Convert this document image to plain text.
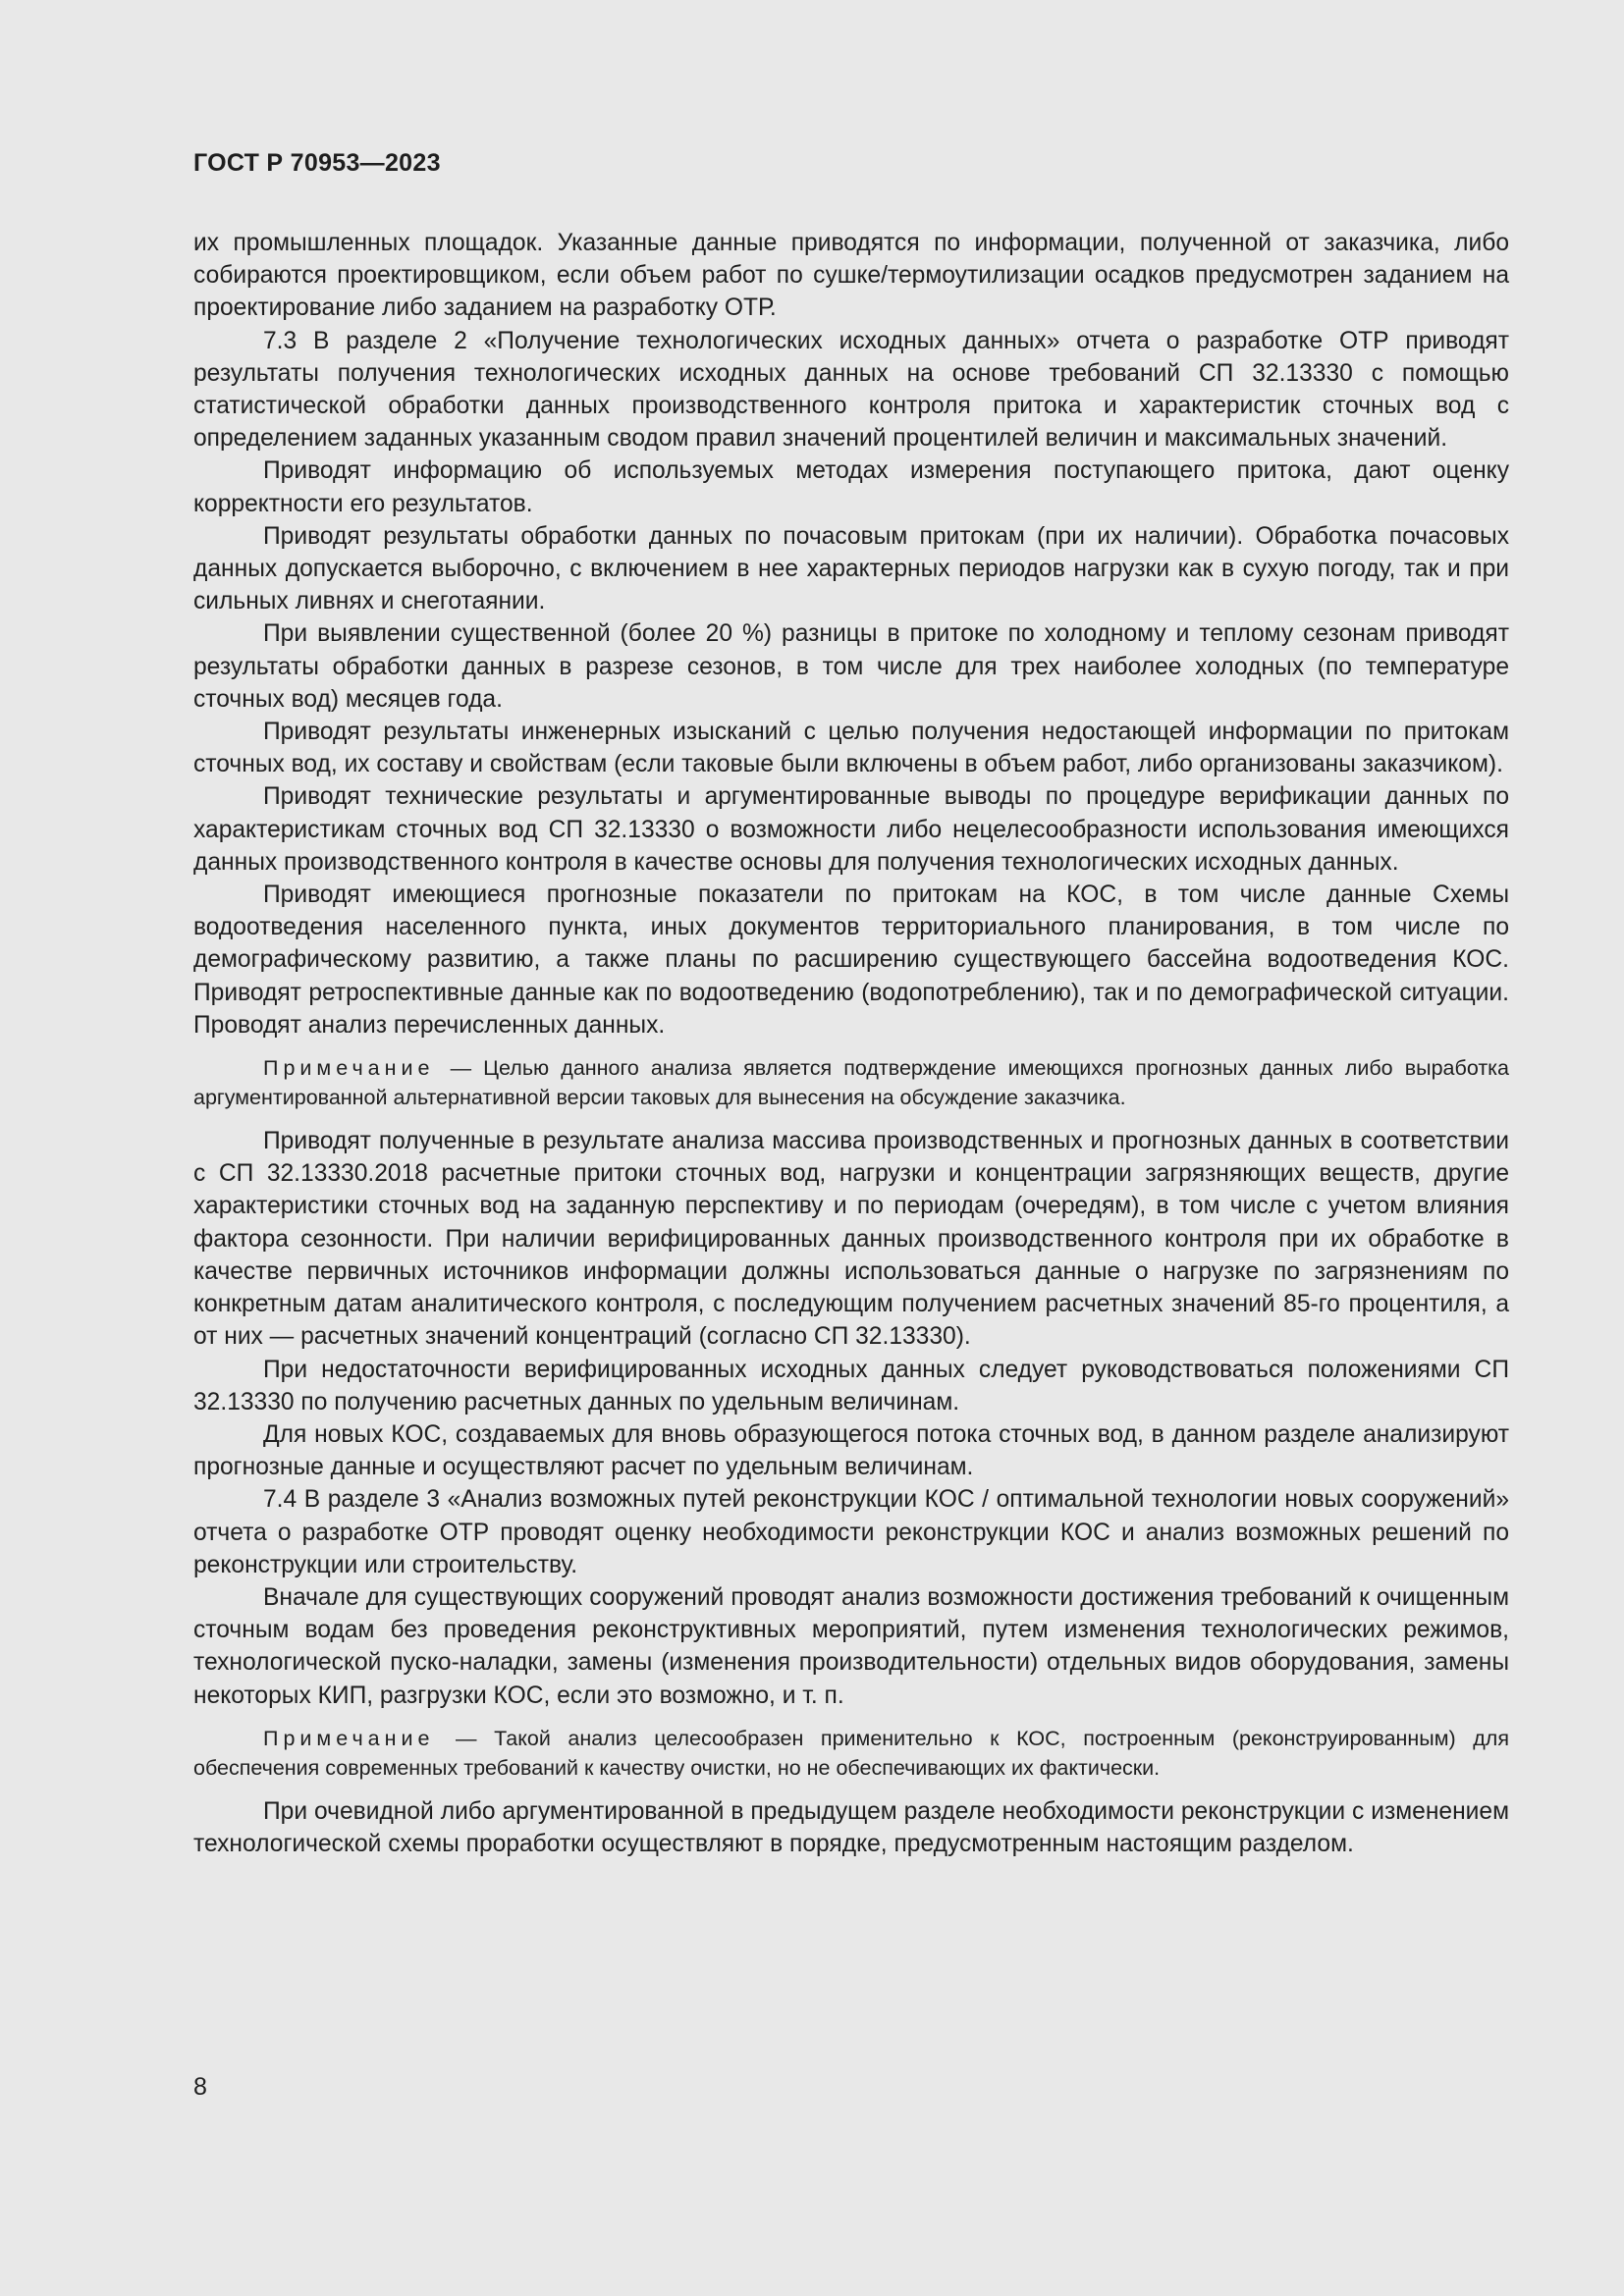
ГОСТ Р 70953—2023

их промышленных площадок. Указанные данные приводятся по информации, полученной от заказчика, либо собираются проектировщиком, если объем работ по сушке/термоутилизации осадков предусмотрен заданием на проектирование либо заданием на разработку ОТР.

7.3 В разделе 2 «Получение технологических исходных данных» отчета о разработке ОТР приводят результаты получения технологических исходных данных на основе требований СП 32.13330 с помощью статистической обработки данных производственного контроля притока и характеристик сточных вод с определением заданных указанным сводом правил значений процентилей величин и максимальных значений.

Приводят информацию об используемых методах измерения поступающего притока, дают оценку корректности его результатов.

Приводят результаты обработки данных по почасовым притокам (при их наличии). Обработка почасовых данных допускается выборочно, с включением в нее характерных периодов нагрузки как в сухую погоду, так и при сильных ливнях и снеготаянии.

При выявлении существенной (более 20 %) разницы в притоке по холодному и теплому сезонам приводят результаты обработки данных в разрезе сезонов, в том числе для трех наиболее холодных (по температуре сточных вод) месяцев года.

Приводят результаты инженерных изысканий с целью получения недостающей информации по притокам сточных вод, их составу и свойствам (если таковые были включены в объем работ, либо организованы заказчиком).

Приводят технические результаты и аргументированные выводы по процедуре верификации данных по характеристикам сточных вод СП 32.13330 о возможности либо нецелесообразности использования имеющихся данных производственного контроля в качестве основы для получения технологических исходных данных.

Приводят имеющиеся прогнозные показатели по притокам на КОС, в том числе данные Схемы водоотведения населенного пункта, иных документов территориального планирования, в том числе по демографическому развитию, а также планы по расширению существующего бассейна водоотведения КОС. Приводят ретроспективные данные как по водоотведению (водопотреблению), так и по демографической ситуации. Проводят анализ перечисленных данных.

Примечание — Целью данного анализа является подтверждение имеющихся прогнозных данных либо выработка аргументированной альтернативной версии таковых для вынесения на обсуждение заказчика.

Приводят полученные в результате анализа массива производственных и прогнозных данных в соответствии с СП 32.13330.2018 расчетные притоки сточных вод, нагрузки и концентрации загрязняющих веществ, другие характеристики сточных вод на заданную перспективу и по периодам (очередям), в том числе с учетом влияния фактора сезонности. При наличии верифицированных данных производственного контроля при их обработке в качестве первичных источников информации должны использоваться данные о нагрузке по загрязнениям по конкретным датам аналитического контроля, с последующим получением расчетных значений 85-го процентиля, а от них — расчетных значений концентраций (согласно СП 32.13330).

При недостаточности верифицированных исходных данных следует руководствоваться положениями СП 32.13330 по получению расчетных данных по удельным величинам.

Для новых КОС, создаваемых для вновь образующегося потока сточных вод, в данном разделе анализируют прогнозные данные и осуществляют расчет по удельным величинам.

7.4 В разделе 3 «Анализ возможных путей реконструкции КОС / оптимальной технологии новых сооружений» отчета о разработке ОТР проводят оценку необходимости реконструкции КОС и анализ возможных решений по реконструкции или строительству.

Вначале для существующих сооружений проводят анализ возможности достижения требований к очищенным сточным водам без проведения реконструктивных мероприятий, путем изменения технологических режимов, технологической пуско-наладки, замены (изменения производительности) отдельных видов оборудования, замены некоторых КИП, разгрузки КОС, если это возможно, и т. п.

Примечание — Такой анализ целесообразен применительно к КОС, построенным (реконструированным) для обеспечения современных требований к качеству очистки, но не обеспечивающих их фактически.

При очевидной либо аргументированной в предыдущем разделе необходимости реконструкции с изменением технологической схемы проработки осуществляют в порядке, предусмотренным настоящим разделом.

8
